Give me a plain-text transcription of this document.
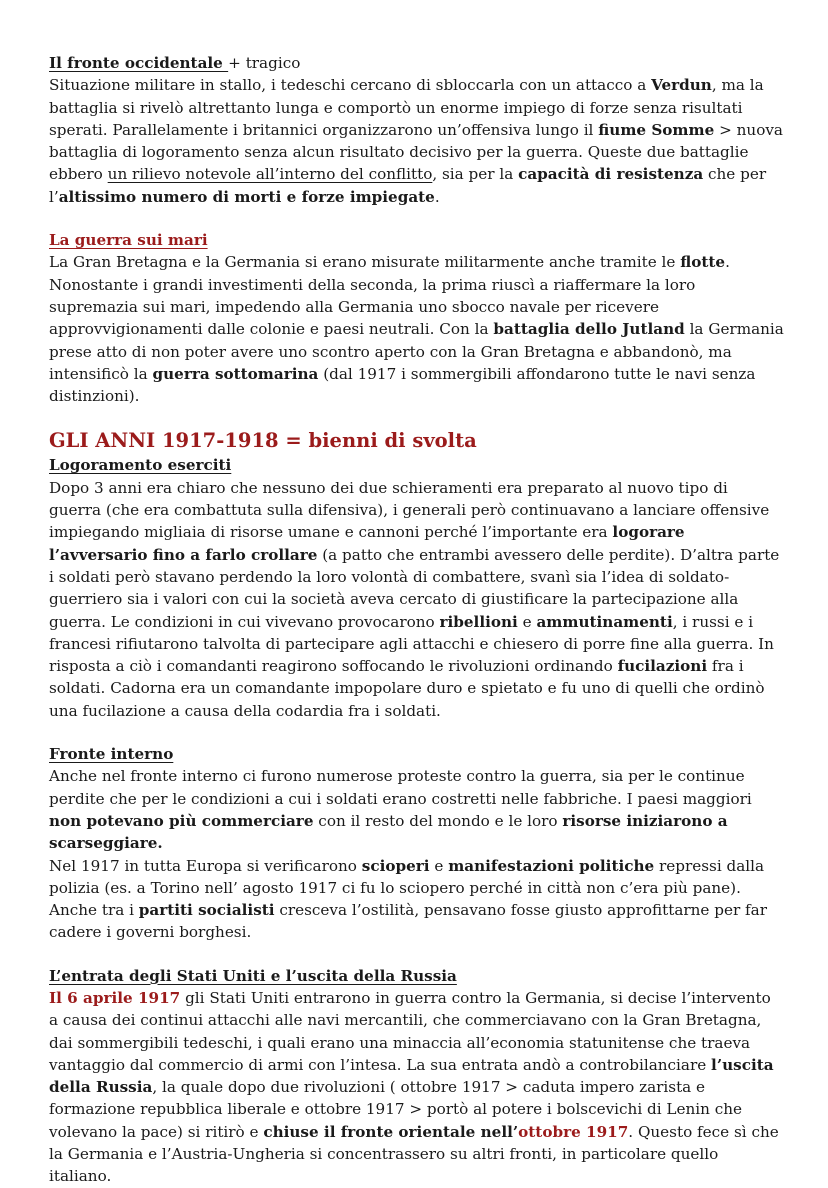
Il fronte occidentale + tragico

Situazione militare in stallo, i tedeschi cercano di sbloccarla con un attacco a Verdun, ma la battaglia si rivelò altrettanto lunga e comportò un enorme impiego di forze senza risultati sperati. Parallelamente i britannici organizzarono un’offensiva lungo il fiume Somme > nuova battaglia di logoramento senza alcun risultato decisivo per la guerra. Queste due battaglie ebbero un rilievo notevole all’interno del conflitto, sia per la capacità di resistenza che per l’altissimo numero di morti e forze impiegate.

La guerra sui mari

La Gran Bretagna e la Germania si erano misurate militarmente anche tramite le flotte. Nonostante i grandi investimenti della seconda, la prima riuscì a riaffermare la loro supremazia sui mari, impedendo alla Germania uno sbocco navale per ricevere approvvigionamenti dalle colonie e paesi neutrali. Con la battaglia dello Jutland la Germania prese atto di non poter avere uno scontro aperto con la Gran Bretagna e abbandonò, ma intensificò la guerra sottomarina (dal 1917 i sommergibili affondarono tutte le navi senza distinzioni).

GLI ANNI 1917-1918 = bienni di svolta

Logoramento eserciti

Dopo 3 anni era chiaro che nessuno dei due schieramenti era preparato al nuovo tipo di guerra (che era combattuta sulla difensiva), i generali però continuavano a lanciare offensive impiegando migliaia di risorse umane e cannoni perché l’importante era logorare l’avversario fino a farlo crollare (a patto che entrambi avessero delle perdite). D’altra parte i soldati però stavano perdendo la loro volontà di combattere, svanì sia l’idea di soldato-guerriero sia i valori con cui la società aveva cercato di giustificare la partecipazione alla guerra. Le condizioni in cui vivevano provocarono ribellioni e ammutinamenti, i russi e i francesi rifiutarono talvolta di partecipare agli attacchi e chiesero di porre fine alla guerra. In risposta a ciò i comandanti reagirono soffocando le rivoluzioni ordinando fucilazioni fra i soldati. Cadorna era un comandante impopolare duro e spietato e fu uno di quelli che ordinò una fucilazione a causa della codardia fra i soldati.

Fronte interno

Anche nel fronte interno ci furono numerose proteste contro la guerra, sia per le continue perdite che per le condizioni a cui i soldati erano costretti nelle fabbriche. I paesi maggiori non potevano più commerciare con il resto del mondo e le loro risorse iniziarono a scarseggiare.

Nel 1917 in tutta Europa si verificarono scioperi e manifestazioni politiche repressi dalla polizia (es. a Torino nell’ agosto 1917 ci fu lo sciopero perché in città non c’era più pane). Anche tra i partiti socialisti cresceva l’ostilità, pensavano fosse giusto approfittarne per far cadere i governi borghesi.

L’entrata degli Stati Uniti e l’uscita della Russia

Il 6 aprile 1917 gli Stati Uniti entrarono in guerra contro la Germania, si decise l’intervento a causa dei continui attacchi alle navi mercantili, che commerciavano con la Gran Bretagna, dai sommergibili tedeschi, i quali erano una minaccia all’economia statunitense che traeva vantaggio dal commercio di armi con l’intesa. La sua entrata andò a controbilanciare l’uscita della Russia, la quale dopo due rivoluzioni ( ottobre 1917 > caduta impero zarista e formazione repubblica liberale e ottobre 1917 > portò al potere i bolscevichi di Lenin che volevano la pace) si ritirò e chiuse il fronte orientale nell’ottobre 1917. Questo fece sì che la Germania e l’Austria-Ungheria si concentrassero su altri fronti, in particolare quello italiano.
